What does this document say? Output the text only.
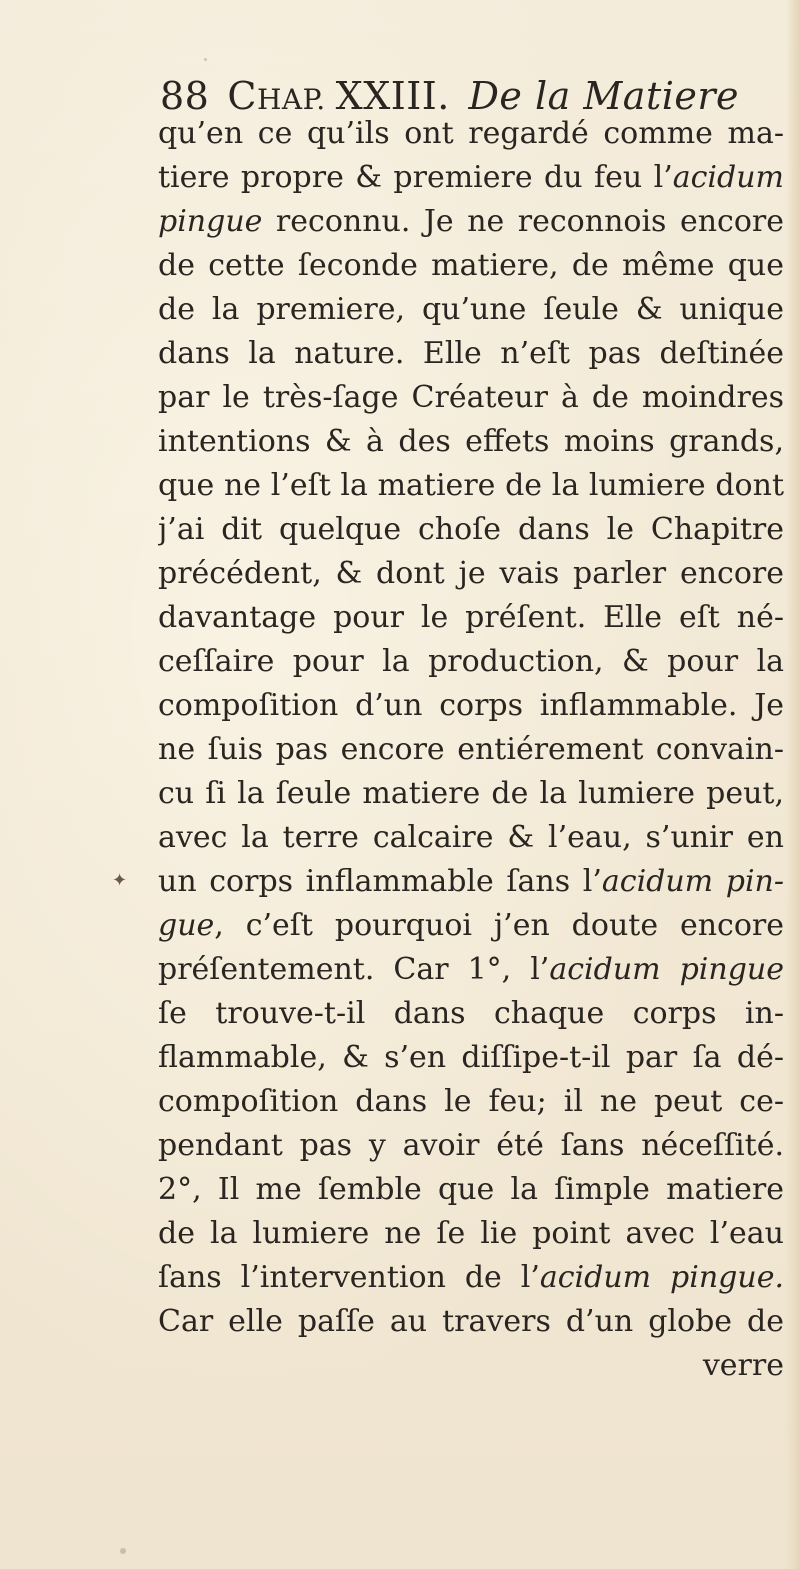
88 CHAP. XXIII. De la Matiere
qu’en ce qu’ils ont regardé comme ma-
tiere propre & premiere du feu l’acidum
pingue reconnu. Je ne reconnois encore
de cette ſeconde matiere, de même que
de la premiere, qu’une ſeule & unique
dans la nature. Elle n’eſt pas deſtinée
par le très-ſage Créateur à de moindres
intentions & à des effets moins grands,
que ne l’eſt la matiere de la lumiere dont
j’ai dit quelque choſe dans le Chapitre
précédent, & dont je vais parler encore
davantage pour le préſent. Elle eſt né-
ceſſaire pour la production, & pour la
compoſition d’un corps inflammable. Je
ne ſuis pas encore entiérement convain-
cu ſi la ſeule matiere de la lumiere peut,
avec la terre calcaire & l’eau, s’unir en
un corps inflammable ſans l’acidum pin-
gue, c’eſt pourquoi j’en doute encore
préſentement. Car 1°, l’acidum pingue
ſe trouve-t-il dans chaque corps in-
flammable, & s’en diſſipe-t-il par ſa dé-
compoſition dans le feu; il ne peut ce-
pendant pas y avoir été ſans néceſſité.
2°, Il me ſemble que la ſimple matiere
de la lumiere ne ſe lie point avec l’eau
ſans l’intervention de l’acidum pingue.
Car elle paſſe au travers d’un globe de
verre
✦
